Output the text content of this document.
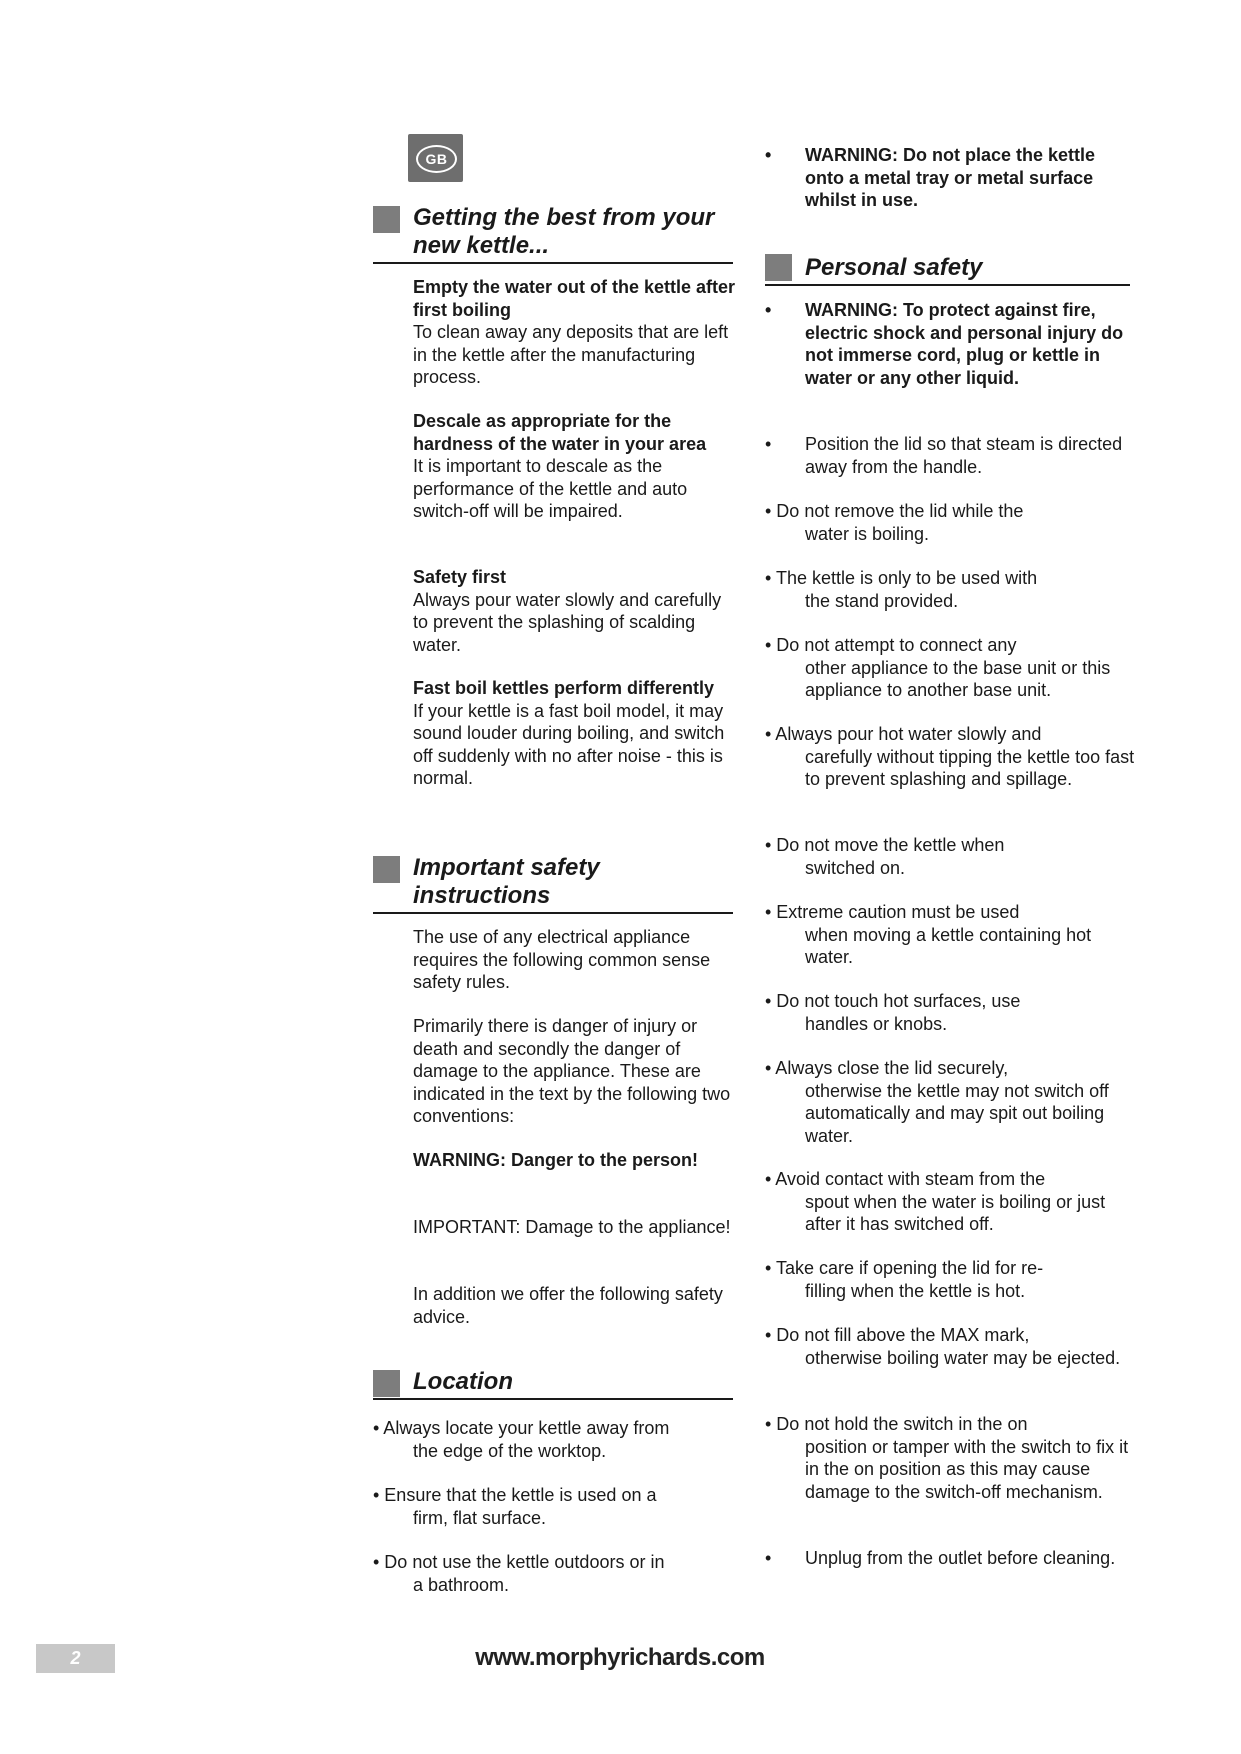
GB
Getting the best from your new kettle...

Empty the water out of the kettle after first boiling

To clean away any deposits that are left in the kettle after the manufacturing process.

Descale as appropriate for the hardness of the water in your area

It is important to descale as the performance of the kettle and auto switch-off will be impaired.

Safety first

Always pour water slowly and carefully to prevent the splashing of scalding water.

Fast boil kettles perform differently

If your kettle is a fast boil model, it may sound louder during boiling, and switch off suddenly with no after noise - this is normal.

Important safety instructions

The use of any electrical appliance requires the following common sense safety rules.

Primarily there is danger of injury or death and secondly the danger of damage to the appliance. These are indicated in the text by the following two conventions:

WARNING: Danger to the person!

IMPORTANT: Damage to the appliance!

In addition we offer the following safety advice.

Location
• Always locate your kettle away from
the edge of the worktop.
• Ensure that the kettle is used on a
firm, flat surface.
• Do not use the kettle outdoors or in
a bathroom.
•	WARNING: Do not place the kettle onto a metal tray or metal surface whilst in use.
Personal safety
•	WARNING: To protect against fire, electric shock and personal injury do not immerse cord, plug or kettle in water or any other liquid.
•	Position the lid so that steam is directed away from the handle.
• Do not remove the lid while the
water is boiling.
• The kettle is only to be used with
the stand provided.
• Do not attempt to connect any
other appliance to the base unit or this appliance to another base unit.
• Always pour hot water slowly and
carefully without tipping the kettle too fast to prevent splashing and spillage.
• Do not move the kettle when
switched on.
• Extreme caution must be used
when moving a kettle containing hot water.
• Do not touch hot surfaces, use
handles or knobs.
• Always close the lid securely,
otherwise the kettle may not switch off automatically and may spit out boiling water.
• Avoid contact with steam from the
spout when the water is boiling or just after it has switched off.
• Take care if opening the lid for re-
filling when the kettle is hot.
• Do not fill above the MAX mark,
otherwise boiling water may be ejected.
• Do not hold the switch in the on
position or tamper with the switch to fix it in the on position as this may cause damage to the switch-off mechanism.
•	Unplug from the outlet before cleaning.
2	www.morphyrichards.com
